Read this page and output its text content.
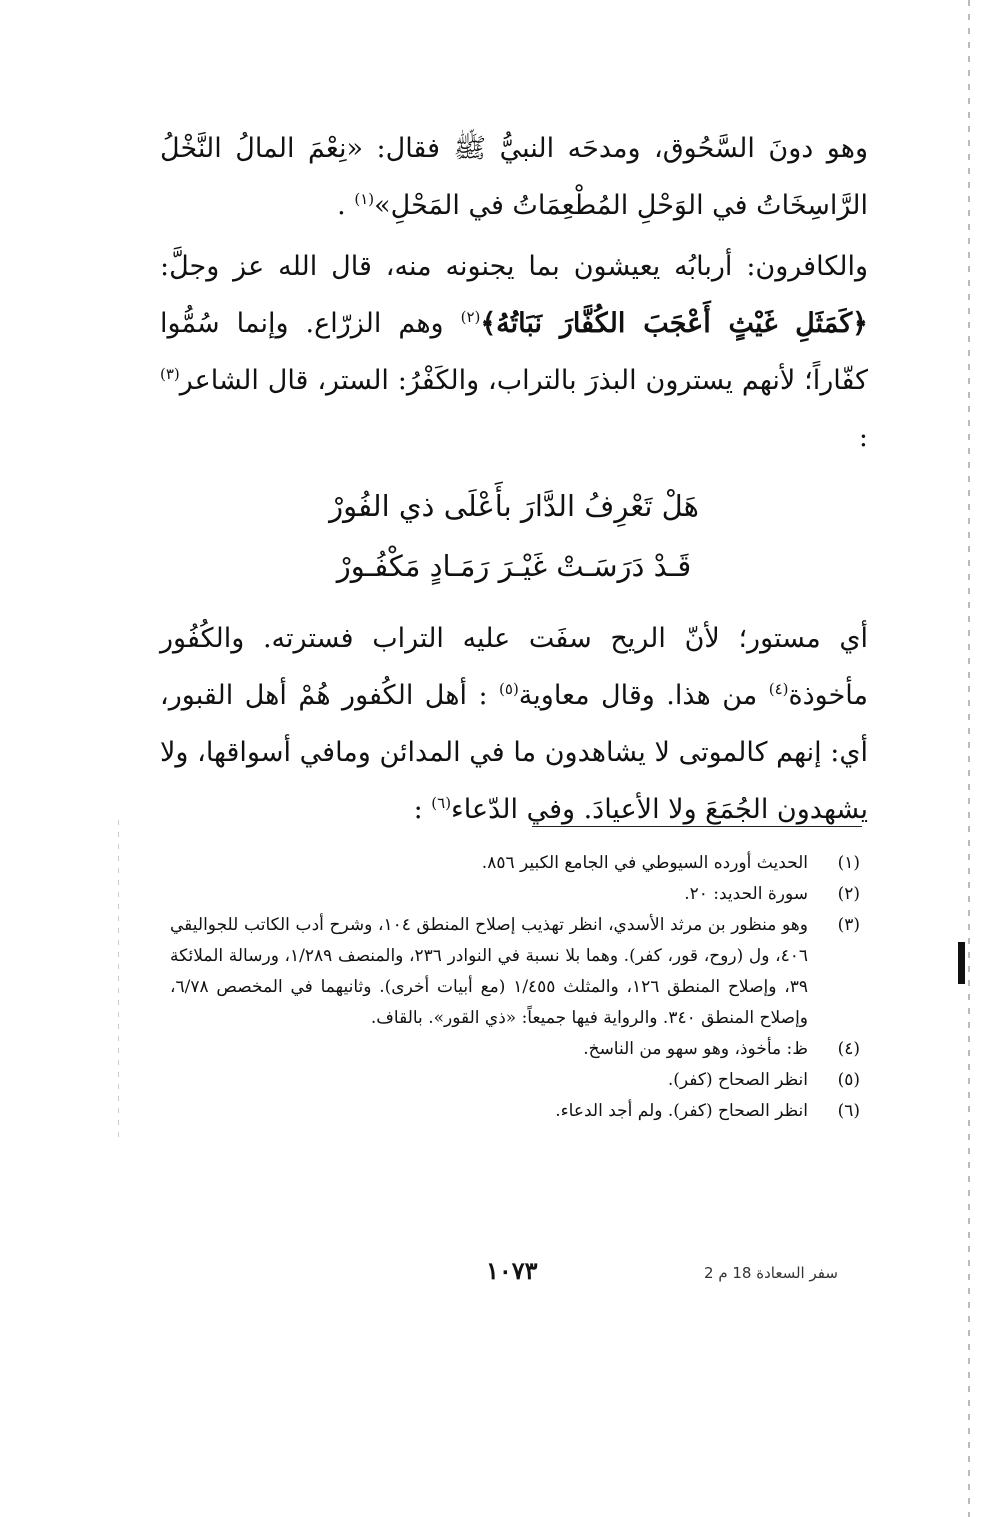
وهو دونَ السَّحُوق، ومدحَه النبيُّ ﷺ فقال: «نِعْمَ المالُ النَّخْلُ الرَّاسِخَاتُ في الوَحْلِ المُطْعِمَاتُ في المَحْلِ»$^{(١)}$ .

والكافرون: أربابُه يعيشون بما يجنونه منه، قال الله عز وجلَّ: ﴿كَمَثَلِ غَيْثٍ أَعْجَبَ الكُفَّارَ نَبَاتُهُ﴾$^{(٢)}$ وهم الزرّاع. وإنما سُمُّوا كفّاراً؛ لأنهم يسترون البذرَ بالتراب، والكَفْرُ: الستر، قال الشاعر$^{(٣)}$ :

هَلْ تَعْرِفُ الدَّارَ بأَعْلَى ذي الفُورْ
قَـدْ دَرَسَـتْ غَيْـرَ رَمَـادٍ مَكْفُـورْ

أي مستور؛ لأنّ الريح سفَت عليه التراب فسترته. والكُفُور مأخوذة$^{(٤)}$ من هذا. وقال معاوية$^{(٥)}$ : أهل الكُفور هُمْ أهل القبور، أي: إنهم كالموتى لا يشاهدون ما في المدائن ومافي أسواقها، ولا يشهدون الجُمَعَ ولا الأعيادَ. وفي الدّعاء$^{(٦)}$ :

(١)
الحديث أورده السيوطي في الجامع الكبير ٨٥٦.
(٢)
سورة الحديد: ٢٠.
(٣)
وهو منظور بن مرثد الأسدي، انظر تهذيب إصلاح المنطق ١٠٤، وشرح أدب الكاتب للجواليقي ٤٠٦، ول (روح، قور، كفر). وهما بلا نسبة في النوادر ٢٣٦، والمنصف ١/٢٨٩، ورسالة الملائكة ٣٩، وإصلاح المنطق ١٢٦، والمثلث ١/٤٥٥ (مع أبيات أخرى). وثانيهما في المخصص ٦/٧٨، وإصلاح المنطق ٣٤٠. والرواية فيها جميعاً: «ذي القور». بالقاف.
(٤)
ظ: مأخوذ، وهو سهو من الناسخ.
(٥)
انظر الصحاح (كفر).
(٦)
انظر الصحاح (كفر). ولم أجد الدعاء.
١٠٧٣	سفر السعادة 18 م 2
